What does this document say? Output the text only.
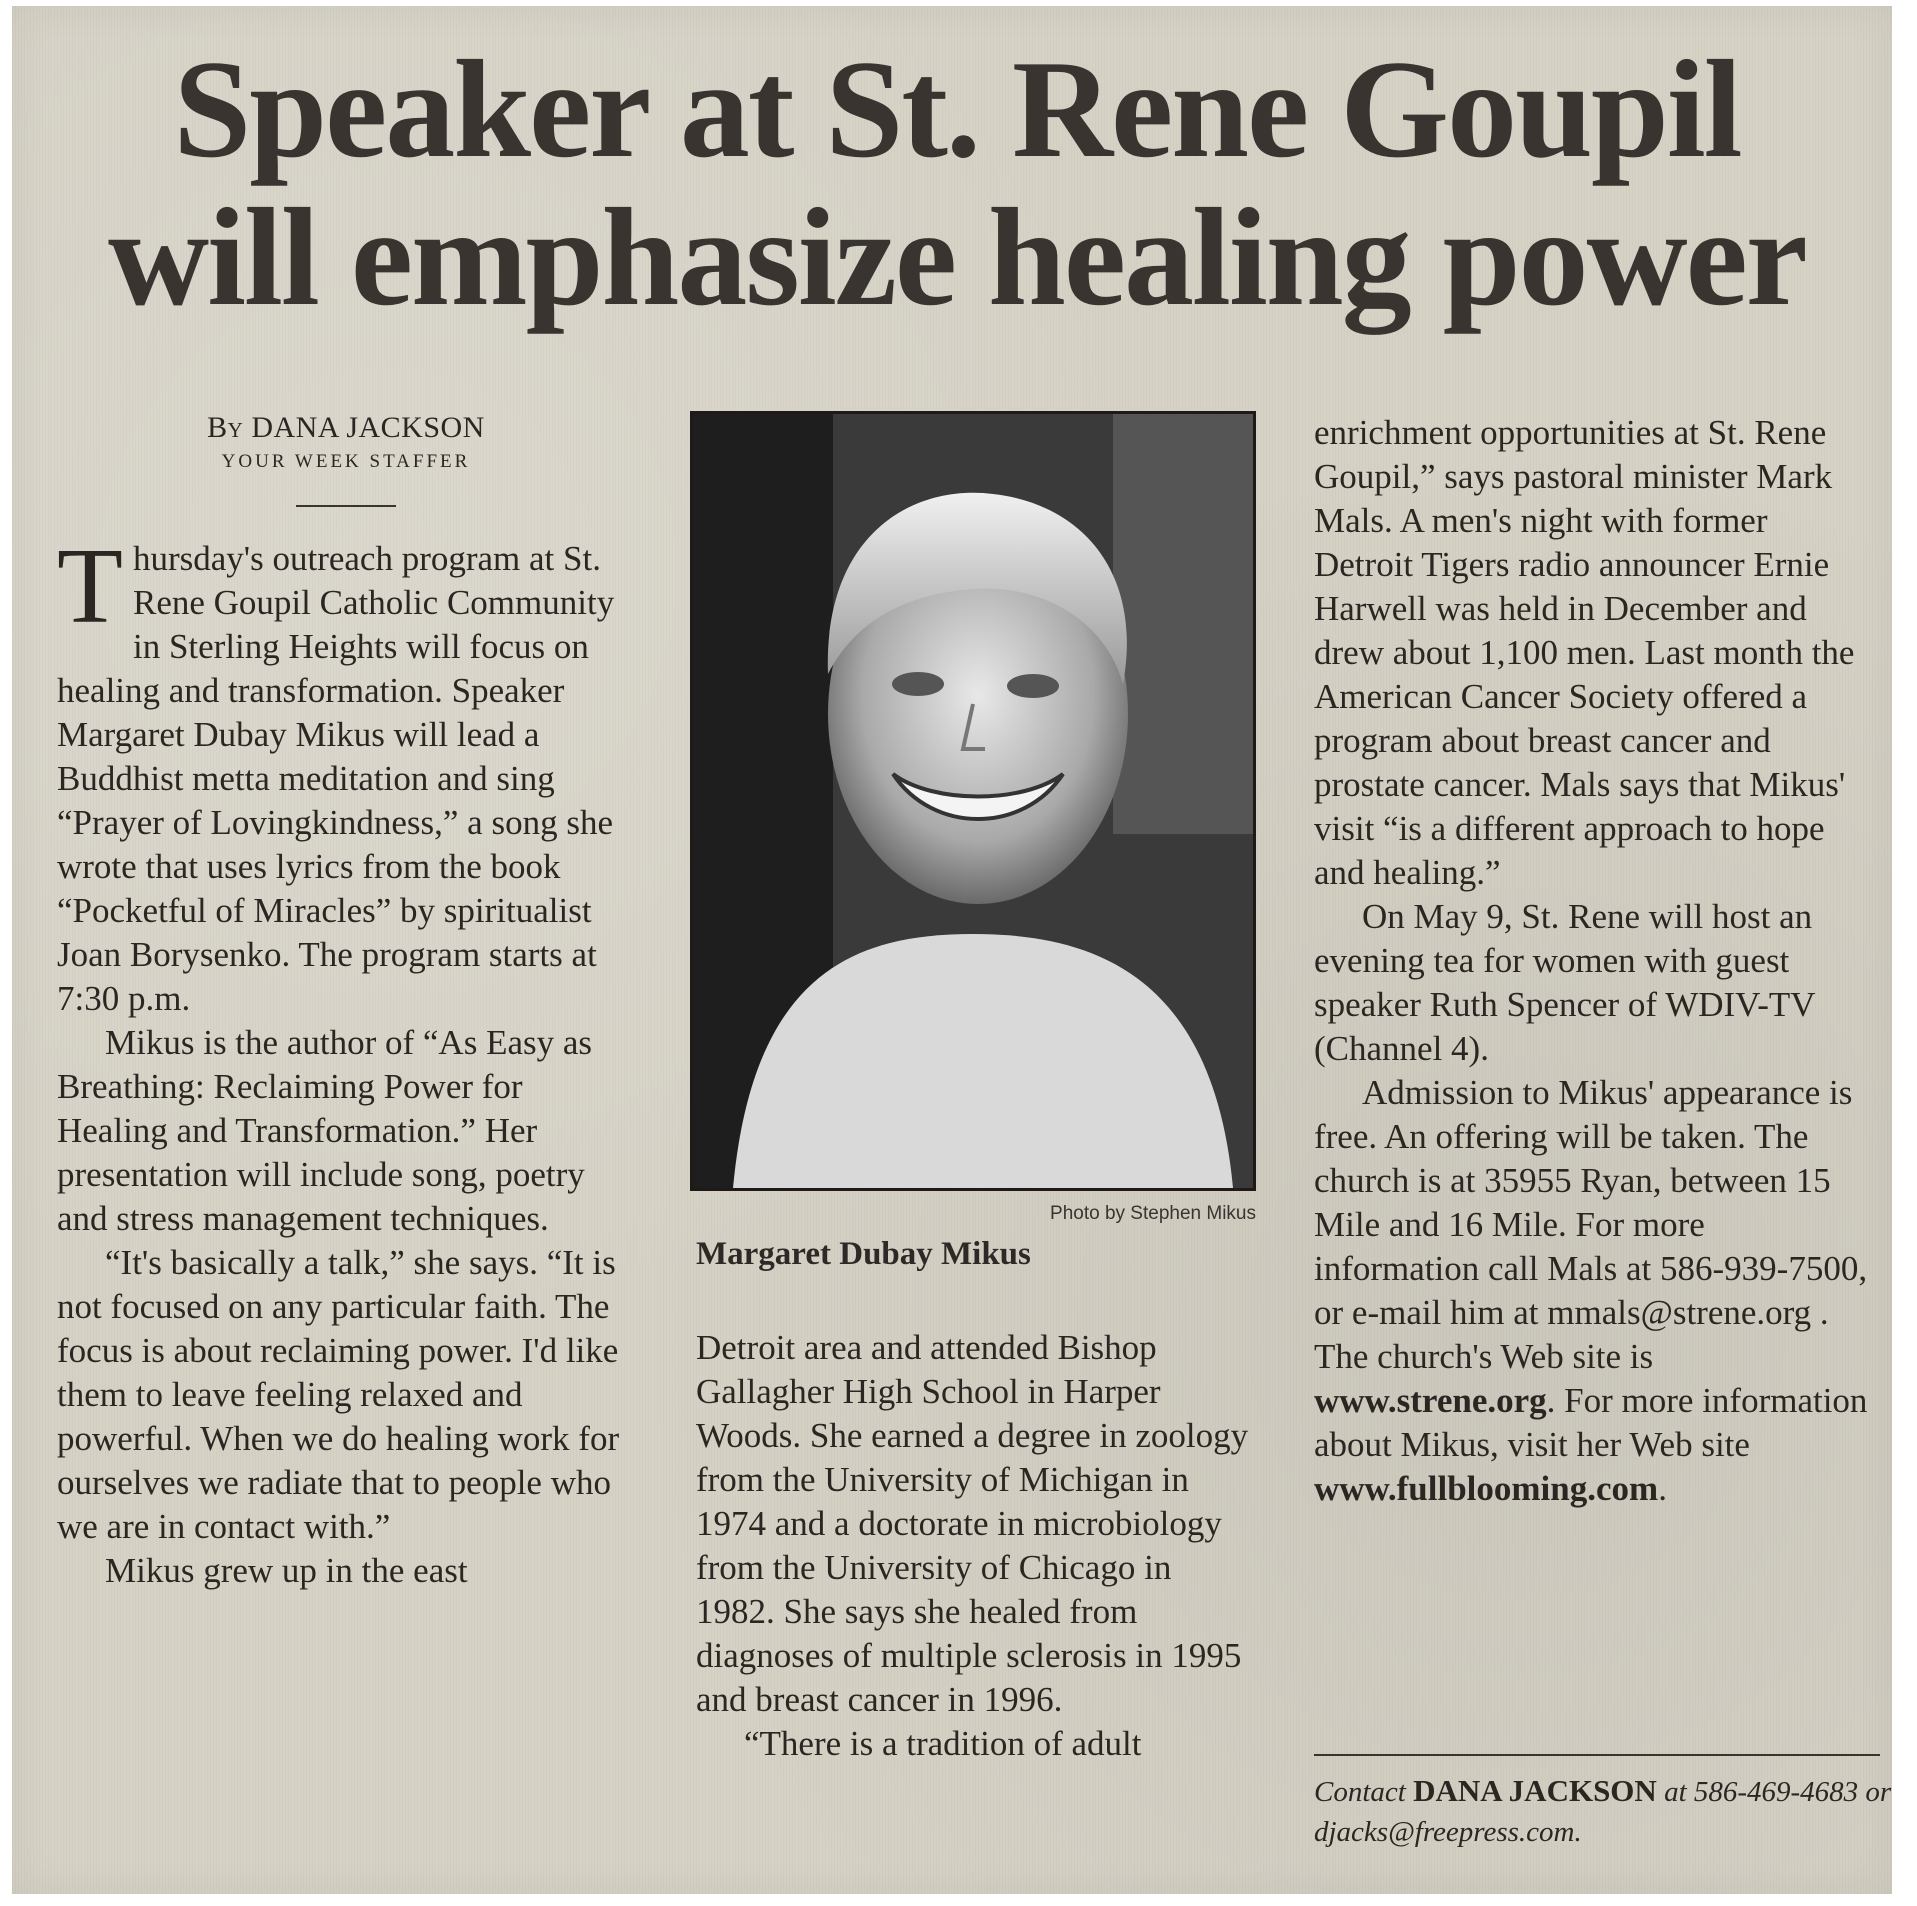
Speaker at St. Rene Goupil
will emphasize healing power
By DANA JACKSON
YOUR WEEK STAFFER

Thursday's outreach program at St. Rene Goupil Catholic Community in Sterling Heights will focus on healing and transformation. Speaker Margaret Dubay Mikus will lead a Buddhist metta meditation and sing “Prayer of Lovingkindness,” a song she wrote that uses lyrics from the book “Pocketful of Miracles” by spiritualist Joan Borysenko. The program starts at 7:30 p.m.

Mikus is the author of “As Easy as Breathing: Reclaiming Power for Healing and Transformation.” Her presentation will include song, poetry and stress management techniques.

“It's basically a talk,” she says. “It is not focused on any particular faith. The focus is about reclaiming power. I'd like them to leave feeling relaxed and powerful. When we do healing work for ourselves we radiate that to people who we are in contact with.”

Mikus grew up in the east

Photo by Stephen Mikus
Margaret Dubay Mikus

Detroit area and attended Bishop Gallagher High School in Harper Woods. She earned a degree in zoology from the University of Michigan in 1974 and a doctorate in microbiology from the University of Chicago in 1982. She says she healed from diagnoses of multiple sclerosis in 1995 and breast cancer in 1996.

“There is a tradition of adult

enrichment opportunities at St. Rene Goupil,” says pastoral minister Mark Mals. A men's night with former Detroit Tigers radio announcer Ernie Harwell was held in December and drew about 1,100 men. Last month the American Cancer Society offered a program about breast cancer and prostate cancer. Mals says that Mikus' visit “is a different approach to hope and healing.”

On May 9, St. Rene will host an evening tea for women with guest speaker Ruth Spencer of WDIV-TV (Channel 4).

Admission to Mikus' appearance is free. An offering will be taken. The church is at 35955 Ryan, between 15 Mile and 16 Mile. For more information call Mals at 586-939-7500, or e-mail him at mmals@strene.org . The church's Web site is www.strene.org. For more information about Mikus, visit her Web site www.fullblooming.com.

Contact DANA JACKSON at 586-469-4683 or djacks@freepress.com.
